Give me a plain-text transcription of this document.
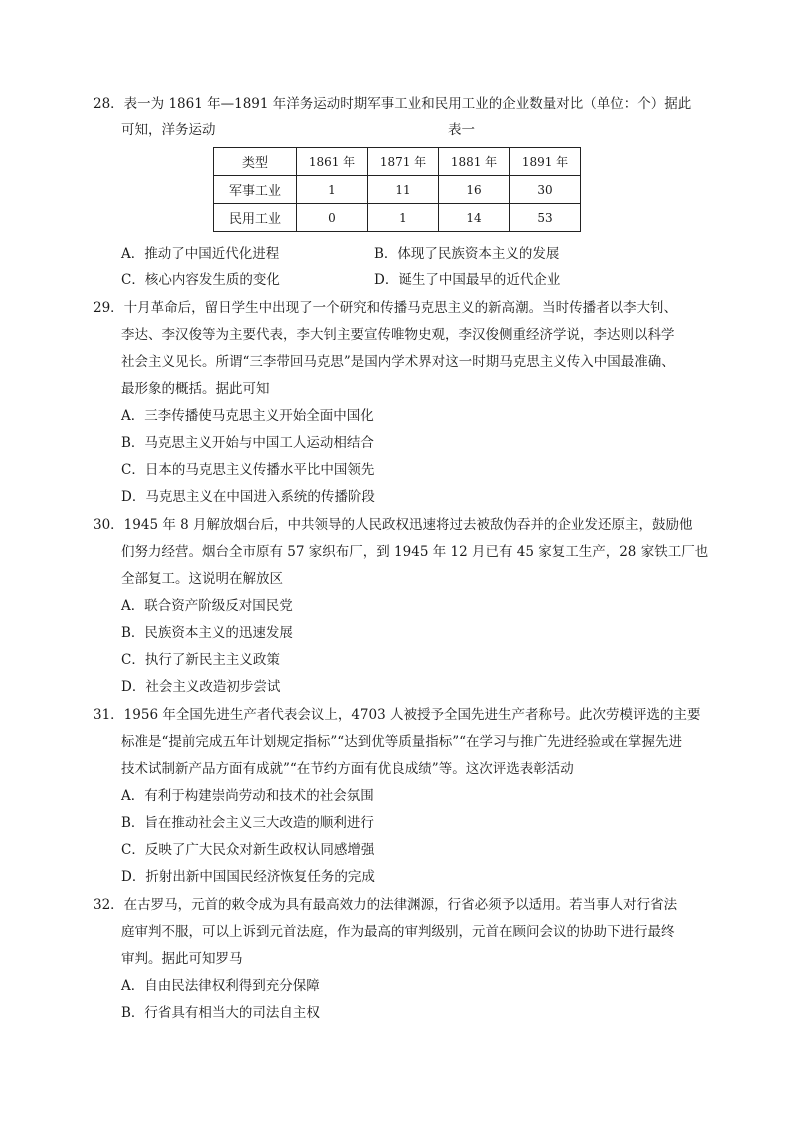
28．表一为 1861 年—1891 年洋务运动时期军事工业和民用工业的企业数量对比（单位：个）据此
可知，洋务运动	表一
类型	1861 年	1871 年	1881 年	1891 年
军事工业	1	11	16	30
民用工业	0	1	14	53
A．推动了中国近代化进程	B．体现了民族资本主义的发展
C．核心内容发生质的变化	D．诞生了中国最早的近代企业
29．十月革命后，留日学生中出现了一个研究和传播马克思主义的新高潮。当时传播者以李大钊、
李达、李汉俊等为主要代表，李大钊主要宣传唯物史观，李汉俊侧重经济学说，李达则以科学
社会主义见长。所谓“三李带回马克思”是国内学术界对这一时期马克思主义传入中国最准确、
最形象的概括。据此可知
A．三李传播使马克思主义开始全面中国化
B．马克思主义开始与中国工人运动相结合
C．日本的马克思主义传播水平比中国领先
D．马克思主义在中国进入系统的传播阶段
30．1945 年 8 月解放烟台后，中共领导的人民政权迅速将过去被敌伪吞并的企业发还原主，鼓励他
们努力经营。烟台全市原有 57 家织布厂，到 1945 年 12 月已有 45 家复工生产，28 家铁工厂也
全部复工。这说明在解放区
A．联合资产阶级反对国民党
B．民族资本主义的迅速发展
C．执行了新民主主义政策
D．社会主义改造初步尝试
31．1956 年全国先进生产者代表会议上，4703 人被授予全国先进生产者称号。此次劳模评选的主要
标准是“提前完成五年计划规定指标”“达到优等质量指标”“在学习与推广先进经验或在掌握先进
技术试制新产品方面有成就”“在节约方面有优良成绩”等。这次评选表彰活动
A．有利于构建崇尚劳动和技术的社会氛围
B．旨在推动社会主义三大改造的顺利进行
C．反映了广大民众对新生政权认同感增强
D．折射出新中国国民经济恢复任务的完成
32．在古罗马，元首的敕令成为具有最高效力的法律渊源，行省必须予以适用。若当事人对行省法
庭审判不服，可以上诉到元首法庭，作为最高的审判级别，元首在顾问会议的协助下进行最终
审判。据此可知罗马
A．自由民法律权利得到充分保障
B．行省具有相当大的司法自主权
